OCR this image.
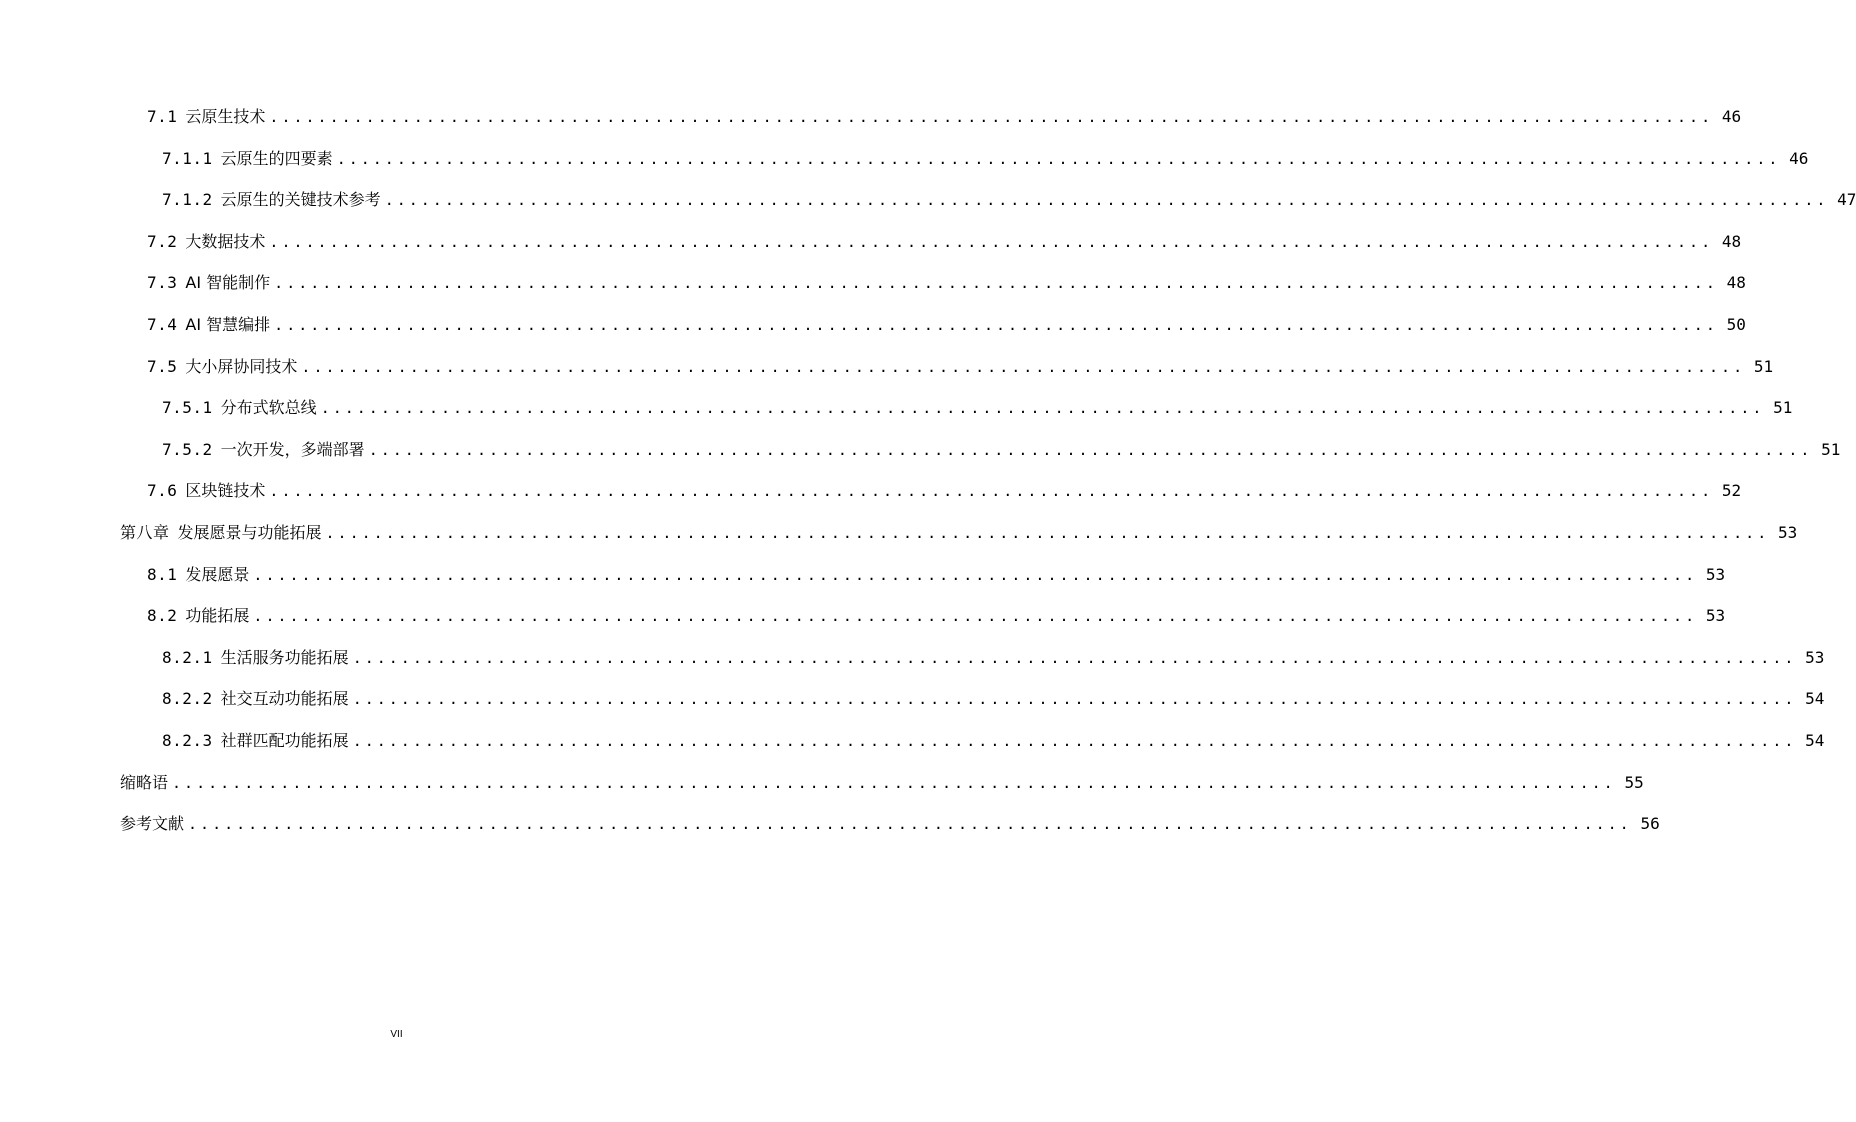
7.1 云原生技术 ........................................................................................................................ 46
7.1.1 云原生的四要素 ........................................................................................................................ 46
7.1.2 云原生的关键技术参考 ........................................................................................................................ 47
7.2 大数据技术 ........................................................................................................................ 48
7.3 AI 智能制作 ........................................................................................................................ 48
7.4 AI 智慧编排 ........................................................................................................................ 50
7.5 大小屏协同技术 ........................................................................................................................ 51
7.5.1 分布式软总线 ........................................................................................................................ 51
7.5.2 一次开发，多端部署 ........................................................................................................................ 51
7.6 区块链技术 ........................................................................................................................ 52
第八章 发展愿景与功能拓展 ........................................................................................................................ 53
8.1 发展愿景 ........................................................................................................................ 53
8.2 功能拓展 ........................................................................................................................ 53
8.2.1 生活服务功能拓展 ........................................................................................................................ 53
8.2.2 社交互动功能拓展 ........................................................................................................................ 54
8.2.3 社群匹配功能拓展 ........................................................................................................................ 54
缩略语 ........................................................................................................................ 55
参考文献 ........................................................................................................................ 56
VII
